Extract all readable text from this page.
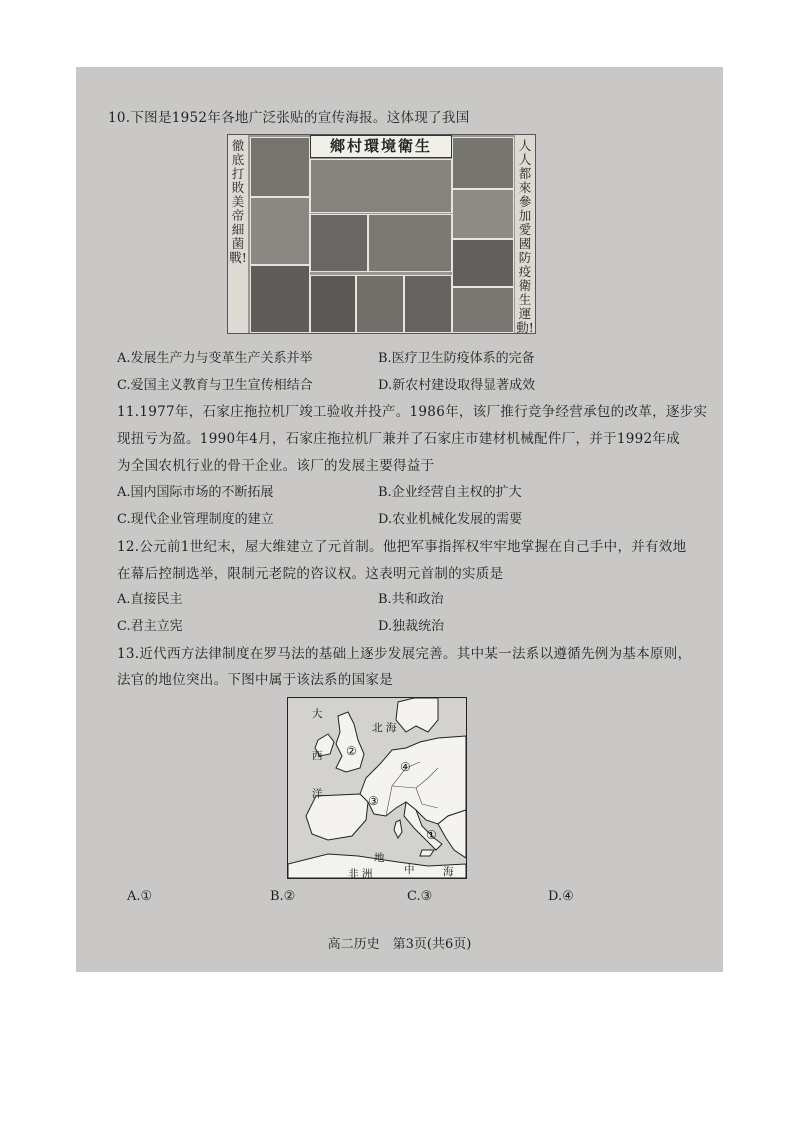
10.下图是1952年各地广泛张贴的宣传海报。这体现了我国
徹底打敗美帝細菌戰!
人人都來參加愛國防疫衛生運動!
鄉村環境衛生
A.发展生产力与变革生产关系并举	B.医疗卫生防疫体系的完备
C.爱国主义教育与卫生宣传相结合	D.新农村建设取得显著成效
11.1977年，石家庄拖拉机厂竣工验收并投产。1986年，该厂推行竞争经营承包的改革，逐步实
现扭亏为盈。1990年4月，石家庄拖拉机厂兼并了石家庄市建材机械配件厂，并于1992年成
为全国农机行业的骨干企业。该厂的发展主要得益于
A.国内国际市场的不断拓展	B.企业经营自主权的扩大
C.现代企业管理制度的建立	D.农业机械化发展的需要
12.公元前1世纪末，屋大维建立了元首制。他把军事指挥权牢牢地掌握在自己手中，并有效地
在幕后控制选举，限制元老院的咨议权。这表明元首制的实质是
A.直接民主	B.共和政治
C.君主立宪	D.独裁统治
13.近代西方法律制度在罗马法的基础上逐步发展完善。其中某一法系以遵循先例为基本原则，
法官的地位突出。下图中属于该法系的国家是
大
西
洋
北 海
地
中	海
非 洲
①
②
③
④
A.①	B.②	C.③	D.④
高二历史　第3页(共6页)
